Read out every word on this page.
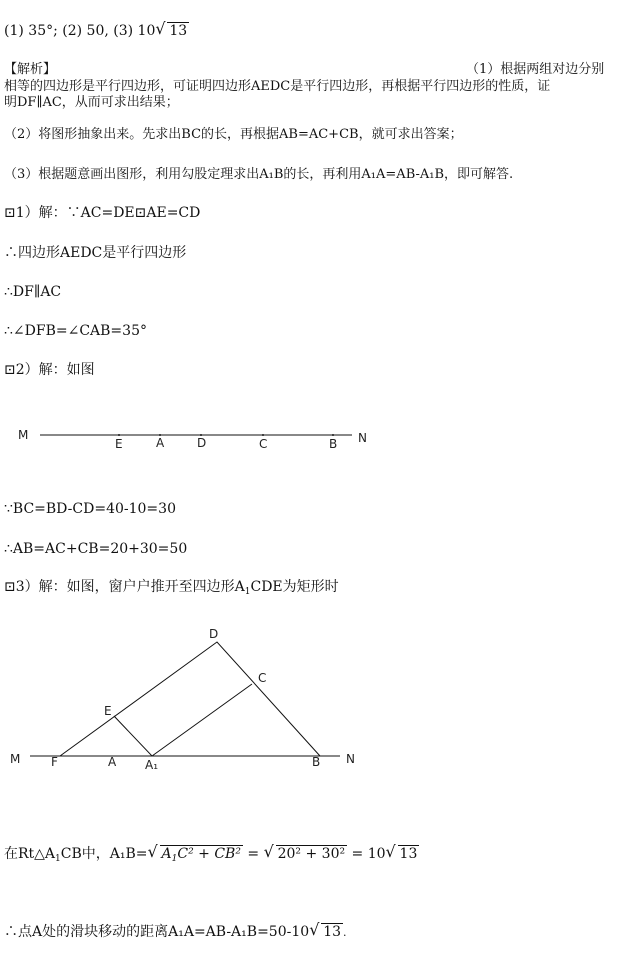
(1) 35°; (2) 50, (3) 10 √ 13
【解析】	（1）根据两组对边分别
相等的四边形是平行四边形，可证明四边形AEDC是平行四边形，再根据平行四边形的性质，证
明DF∥AC，从而可求出结果；
（2）将图形抽象出来。先求出BC的长，再根据AB=AC+CB，就可求出答案；
（3）根据题意画出图形，利用勾股定理求出A₁B的长，再利用A₁A=AB-A₁B，即可解答.
⊡1）解：∵AC=DE⊡AE=CD
∴四边形AEDC是平行四边形
∴DF∥AC
∴∠DFB=∠CAB=35°
⊡2）解：如图
M
E	A	D	C	B N
∵BC=BD-CD=40-10=30
∴AB=AC+CB=20+30=50
⊡3）解：如图，窗户户推开至四边形$A_1CDE$为矩形时
D
C
E
M	F	A A₁	B N
在$Rt\triangle A_1CB$中，A₁B= √ $A_1C^2 + CB^2$ = √ 20² + 30² = 10 √ 13
∴点A处的滑块移动的距离A₁A=AB-A₁B=50-10 √ 13 .
